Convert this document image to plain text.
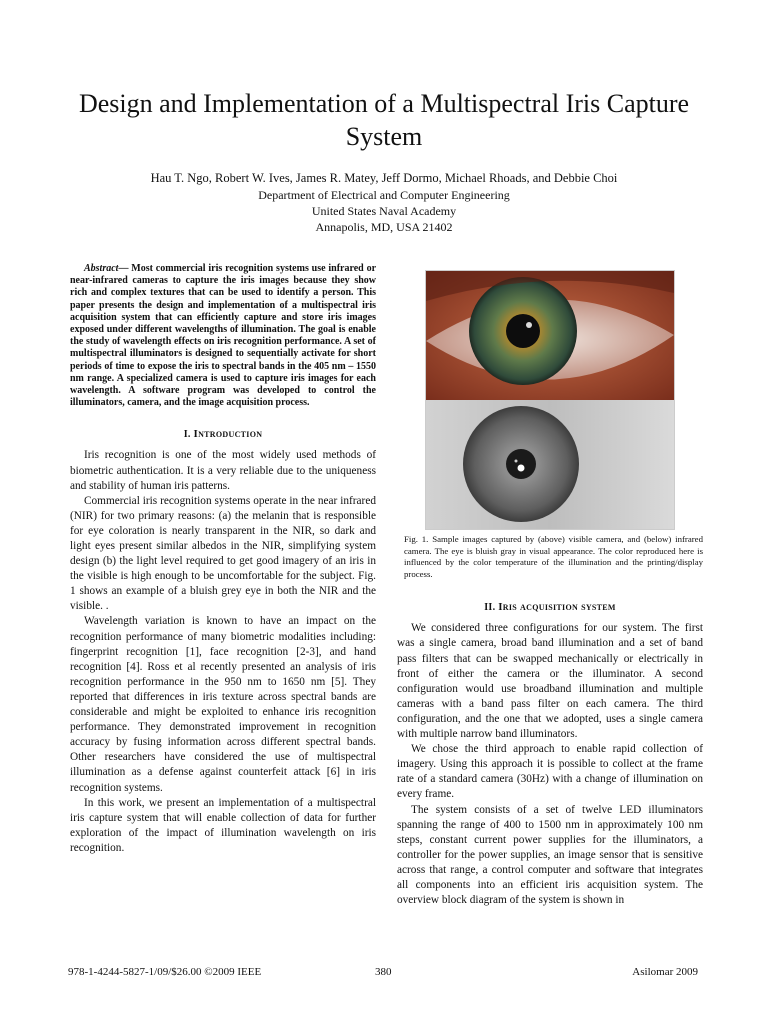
Design and Implementation of a Multispectral Iris Capture System

Hau T. Ngo, Robert W. Ives, James R. Matey, Jeff Dormo, Michael Rhoads, and Debbie Choi

Department of Electrical and Computer Engineering
United States Naval Academy
Annapolis, MD, USA 21402

Abstract— Most commercial iris recognition systems use infrared or near-infrared cameras to capture the iris images because they show rich and complex textures that can be used to identify a person. This paper presents the design and implementation of a multispectral iris acquisition system that can efficiently capture and store iris images exposed under different wavelengths of illumination. The goal is enable the study of wavelength effects on iris recognition performance. A set of multispectral illuminators is designed to sequentially activate for short periods of time to expose the iris to spectral bands in the 405 nm – 1550 nm range. A specialized camera is used to capture iris images for each wavelength. A software program was developed to control the illuminators, camera, and the image acquisition process.

I. Introduction

Iris recognition is one of the most widely used methods of biometric authentication. It is a very reliable due to the uniqueness and stability of human iris patterns.

Commercial iris recognition systems operate in the near infrared (NIR) for two primary reasons: (a) the melanin that is responsible for eye coloration is nearly transparent in the NIR, so dark and light eyes present similar albedos in the NIR, simplifying system design (b) the light level required to get good imagery of an iris in the visible is high enough to be uncomfortable for the subject. Fig. 1 shows an example of a bluish grey eye in both the NIR and the visible. .

Wavelength variation is known to have an impact on the recognition performance of many biometric modalities including: fingerprint recognition [1], face recognition [2-3], and hand recognition [4]. Ross et al recently presented an analysis of iris recognition performance in the 950 nm to 1650 nm [5]. They reported that differences in iris texture across spectral bands are considerable and might be exploited to enhance iris recognition performance. They demonstrated improvement in recognition accuracy by fusing information across different spectral bands. Other researchers have considered the use of multispectral illumination as a defense against counterfeit attack [6] in iris recognition systems.

In this work, we present an implementation of a multispectral iris capture system that will enable collection of data for further exploration of the impact of illumination wavelength on iris recognition.

Fig. 1. Sample images captured by (above) visible camera, and (below) infrared camera. The eye is bluish gray in visual appearance. The color reproduced here is influenced by the color temperature of the illumination and the printing/display process.

II. Iris acquisition system

We considered three configurations for our system. The first was a single camera, broad band illumination and a set of band pass filters that can be swapped mechanically or electrically in front of either the camera or the illuminator. A second configuration would use broadband illumination and multiple cameras with a band pass filter on each camera. The third configuration, and the one that we adopted, uses a single camera with multiple narrow band illuminators.

We chose the third approach to enable rapid collection of imagery. Using this approach it is possible to collect at the frame rate of a standard camera (30Hz) with a change of illumination on every frame.

The system consists of a set of twelve LED illuminators spanning the range of 400 to 1500 nm in approximately 100 nm steps, constant current power supplies for the illuminators, a controller for the power supplies, an image sensor that is sensitive across that range, a control computer and software that integrates all components into an efficient iris acquisition system. The overview block diagram of the system is shown in

978-1-4244-5827-1/09/$26.00 ©2009 IEEE	380	Asilomar 2009
